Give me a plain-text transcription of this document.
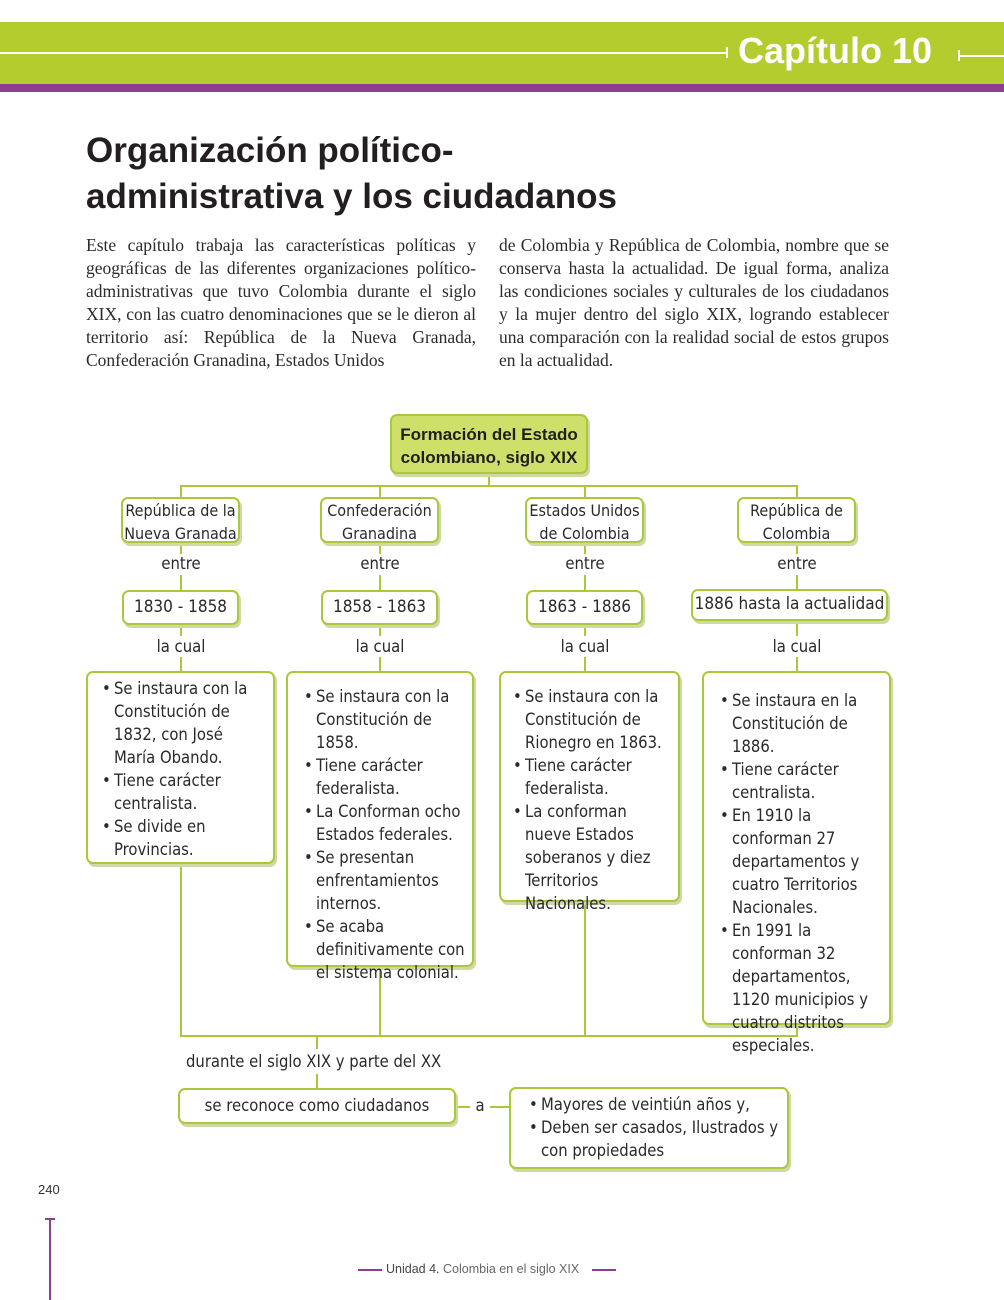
Capítulo 10
Organización político-
administrativa y los ciudadanos
Este capítulo trabaja las características políticas y geográficas de las diferentes organizaciones político-administrativas que tuvo Colombia durante el siglo XIX, con las cuatro denominaciones que se le dieron al territorio así: República de la Nueva Granada, Confederación Granadina, Estados Unidos
de Colombia y República de Colombia, nombre que se conserva hasta la actualidad. De igual forma, analiza las condiciones sociales y culturales de los ciudadanos y la mujer dentro del siglo XIX, logrando establecer una comparación con la realidad social de estos grupos en la actualidad.
Formación del Estado
colombiano, siglo XIX
República de la
Nueva Granada
entre
1830 - 1858
la cual
• Se instaura con la Constitución de 1832, con José María Obando.
• Tiene carácter centralista.
• Se divide en Provincias.
Confederación
Granadina
entre
1858 - 1863
la cual
• Se instaura con la Constitución de 1858.
• Tiene carácter federalista.
• La Conforman ocho Estados federales.
• Se presentan enfrentamientos internos.
• Se acaba definitivamente con el sistema colonial.
Estados Unidos
de Colombia
entre
1863 - 1886
la cual
• Se instaura con la Constitución de Rionegro en 1863.
• Tiene carácter federalista.
• La conforman nueve Estados soberanos y diez Territorios Nacionales.
República de
Colombia
entre
1886 hasta la actualidad
la cual
• Se instaura en la Constitución de 1886.
• Tiene carácter centralista.
• En 1910 la conforman 27 departamentos y cuatro Territorios Nacionales.
• En 1991 la conforman 32 departamentos, 1120 municipios y cuatro distritos especiales.
durante el siglo XIX y parte del XX
se reconoce como ciudadanos	a
•	Mayores de veintiún años y,
• Deben ser casados, Ilustrados y con propiedades
240
Unidad 4. Colombia en el siglo XIX
